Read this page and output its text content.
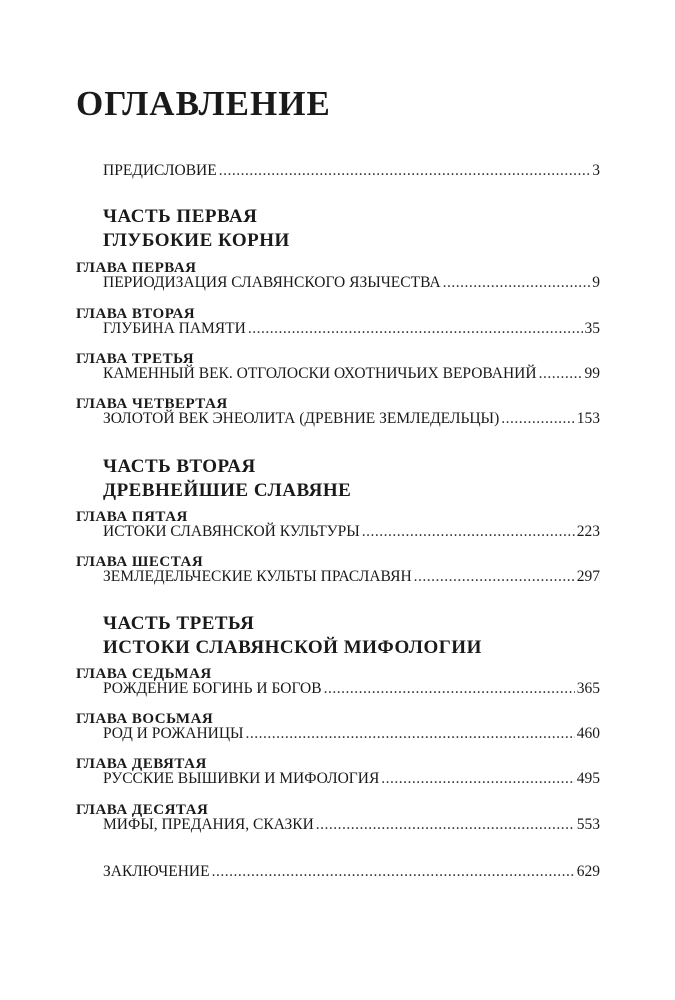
ОГЛАВЛЕНИЕ
ПРЕДИСЛОВИЕ .....	3
ЧАСТЬ ПЕРВАЯ
ГЛУБОКИЕ КОРНИ
ГЛАВА ПЕРВАЯ
ПЕРИОДИЗАЦИЯ СЛАВЯНСКОГО ЯЗЫЧЕСТВА .....	9
ГЛАВА ВТОРАЯ
ГЛУБИНА ПАМЯТИ .....	35
ГЛАВА ТРЕТЬЯ
КАМЕННЫЙ ВЕК. ОТГОЛОСКИ ОХОТНИЧЬИХ ВЕРОВАНИЙ .....	99
ГЛАВА ЧЕТВЕРТАЯ
ЗОЛОТОЙ ВЕК ЭНЕОЛИТА (ДРЕВНИЕ ЗЕМЛЕДЕЛЬЦЫ) .....	153
ЧАСТЬ ВТОРАЯ
ДРЕВНЕЙШИЕ СЛАВЯНЕ
ГЛАВА ПЯТАЯ
ИСТОКИ СЛАВЯНСКОЙ КУЛЬТУРЫ .....	223
ГЛАВА ШЕСТАЯ
ЗЕМЛЕДЕЛЬЧЕСКИЕ КУЛЬТЫ ПРАСЛАВЯН .....	297
ЧАСТЬ ТРЕТЬЯ
ИСТОКИ СЛАВЯНСКОЙ МИФОЛОГИИ
ГЛАВА СЕДЬМАЯ
РОЖДЕНИЕ БОГИНЬ И БОГОВ .....	365
ГЛАВА ВОСЬМАЯ
РОД И РОЖАНИЦЫ .....	460
ГЛАВА ДЕВЯТАЯ
РУССКИЕ ВЫШИВКИ И МИФОЛОГИЯ .....	495
ГЛАВА ДЕСЯТАЯ
МИФЫ, ПРЕДАНИЯ, СКАЗКИ .....	553
ЗАКЛЮЧЕНИЕ .....	629
